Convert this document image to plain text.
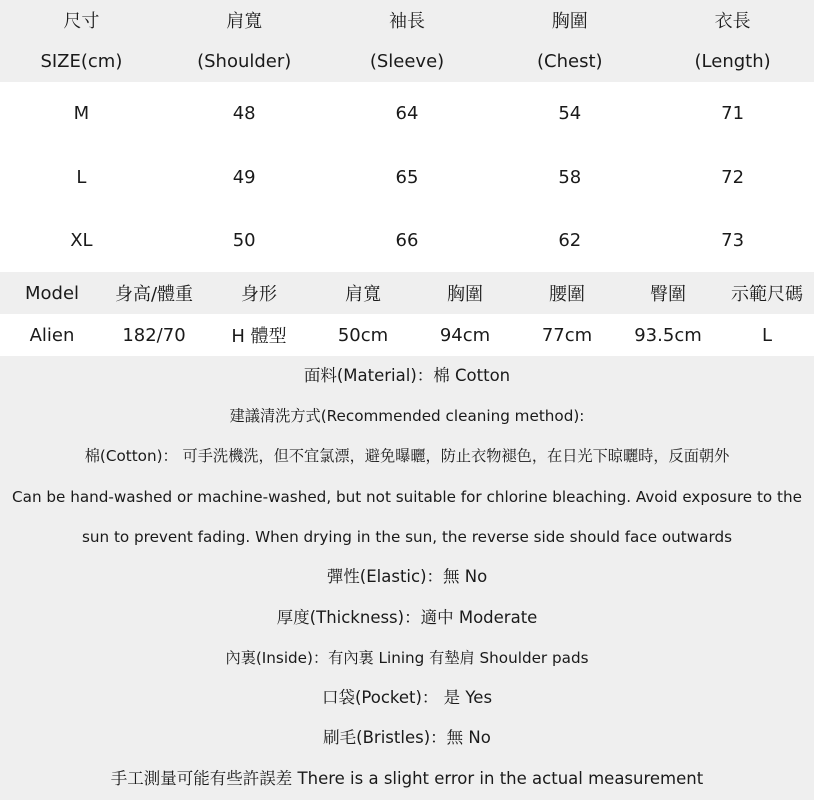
尺寸	肩寬	袖長	胸圍	衣長
SIZE(cm)	(Shoulder)	(Sleeve)	(Chest)	(Length)
M	48	64	54	71
L	49	65	58	72
XL	50	66	62	73
Model	身高/體重	身形	肩寬	胸圍	腰圍	臀圍	示範尺碼
Alien	182/70	H 體型	50cm	94cm	77cm	93.5cm	L
面料(Material)：棉 Cotton
建議清洗方式(Recommended cleaning method):
棉(Cotton)： 可手洗機洗，但不宜氯漂，避免曝曬，防止衣物褪色，在日光下晾曬時，反面朝外
Can be hand-washed or machine-washed, but not suitable for chlorine bleaching. Avoid exposure to the
sun to prevent fading. When drying in the sun, the reverse side should face outwards
彈性(Elastic)：無 No
厚度(Thickness)：適中 Moderate
內裏(Inside)：有內裏 Lining 有墊肩 Shoulder pads
口袋(Pocket)： 是 Yes
刷毛(Bristles)：無 No
手工測量可能有些許誤差 There is a slight error in the actual measurement
